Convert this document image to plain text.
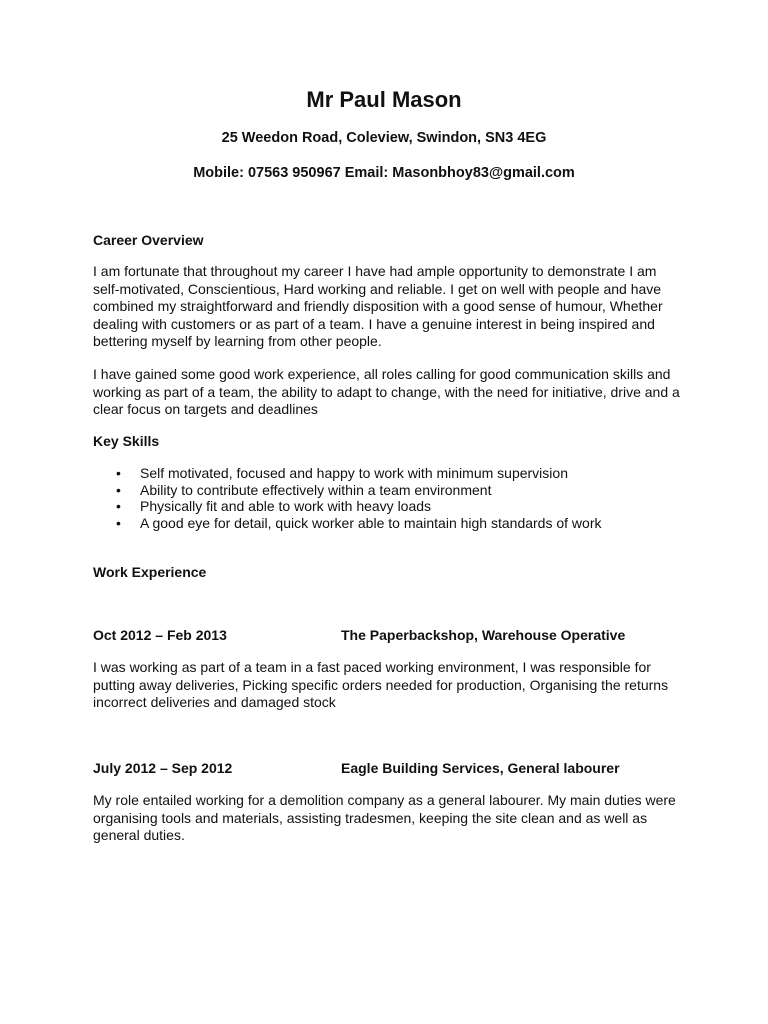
Mr Paul Mason
25 Weedon Road, Coleview, Swindon, SN3 4EG
Mobile: 07563 950967 Email: Masonbhoy83@gmail.com
Career Overview

I am fortunate that throughout my career I have had ample opportunity to demonstrate I am self-motivated, Conscientious, Hard working and reliable. I get on well with people and have combined my straightforward and friendly disposition with a good sense of humour, Whether dealing with customers or as part of a team. I have a genuine interest in being inspired and bettering myself by learning from other people.

I have gained some good work experience, all roles calling for good communication skills and working as part of a team, the ability to adapt to change, with the need for initiative, drive and a clear focus on targets and deadlines

Key Skills
• Self motivated, focused and happy to work with minimum supervision
• Ability to contribute effectively within a team environment
• Physically fit and able to work with heavy loads
• A good eye for detail, quick worker able to maintain high standards of work
Work Experience
Oct 2012 – Feb 2013	The Paperbackshop, Warehouse Operative

I was working as part of a team in a fast paced working environment, I was responsible for putting away deliveries, Picking specific orders needed for production, Organising the returns incorrect deliveries and damaged stock

July 2012 – Sep 2012	Eagle Building Services, General labourer

My role entailed working for a demolition company as a general labourer. My main duties were organising tools and materials, assisting tradesmen, keeping the site clean and as well as general duties.
